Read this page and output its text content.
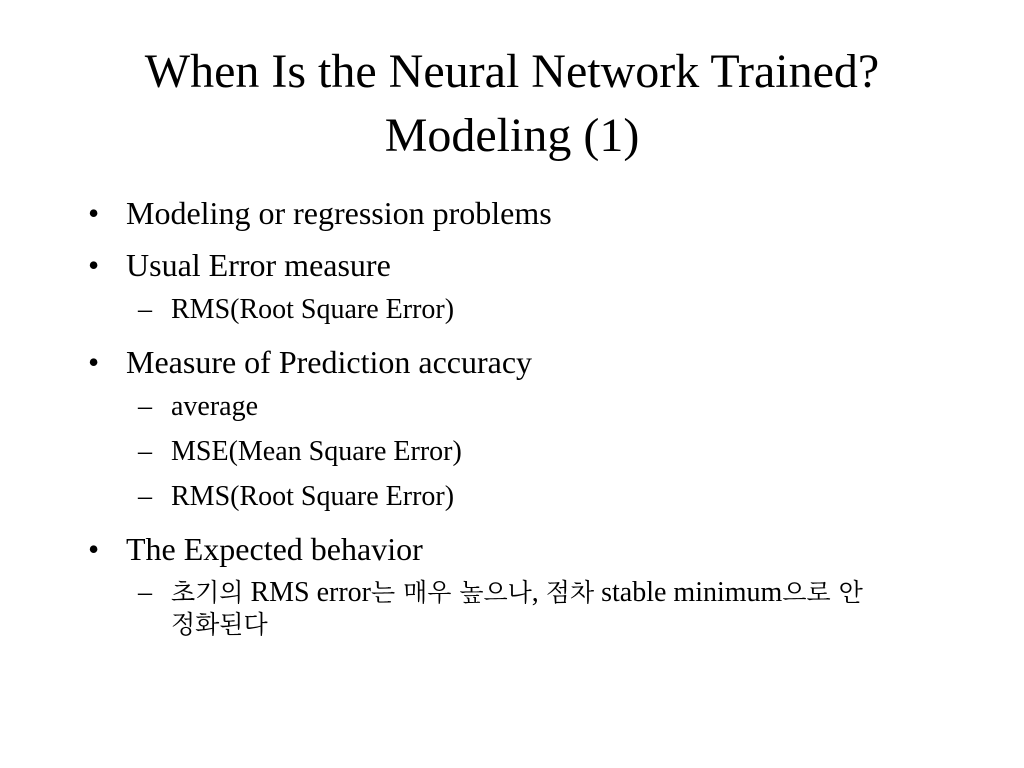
When Is the Neural Network Trained?
Modeling (1)
• Modeling or regression problems
• Usual Error measure
– RMS(Root Square Error)
• Measure of Prediction accuracy
– average
– MSE(Mean Square Error)
– RMS(Root Square Error)
• The Expected behavior
– 초기의 RMS error는 매우 높으나, 점차 stable minimum으로 안정화된다
